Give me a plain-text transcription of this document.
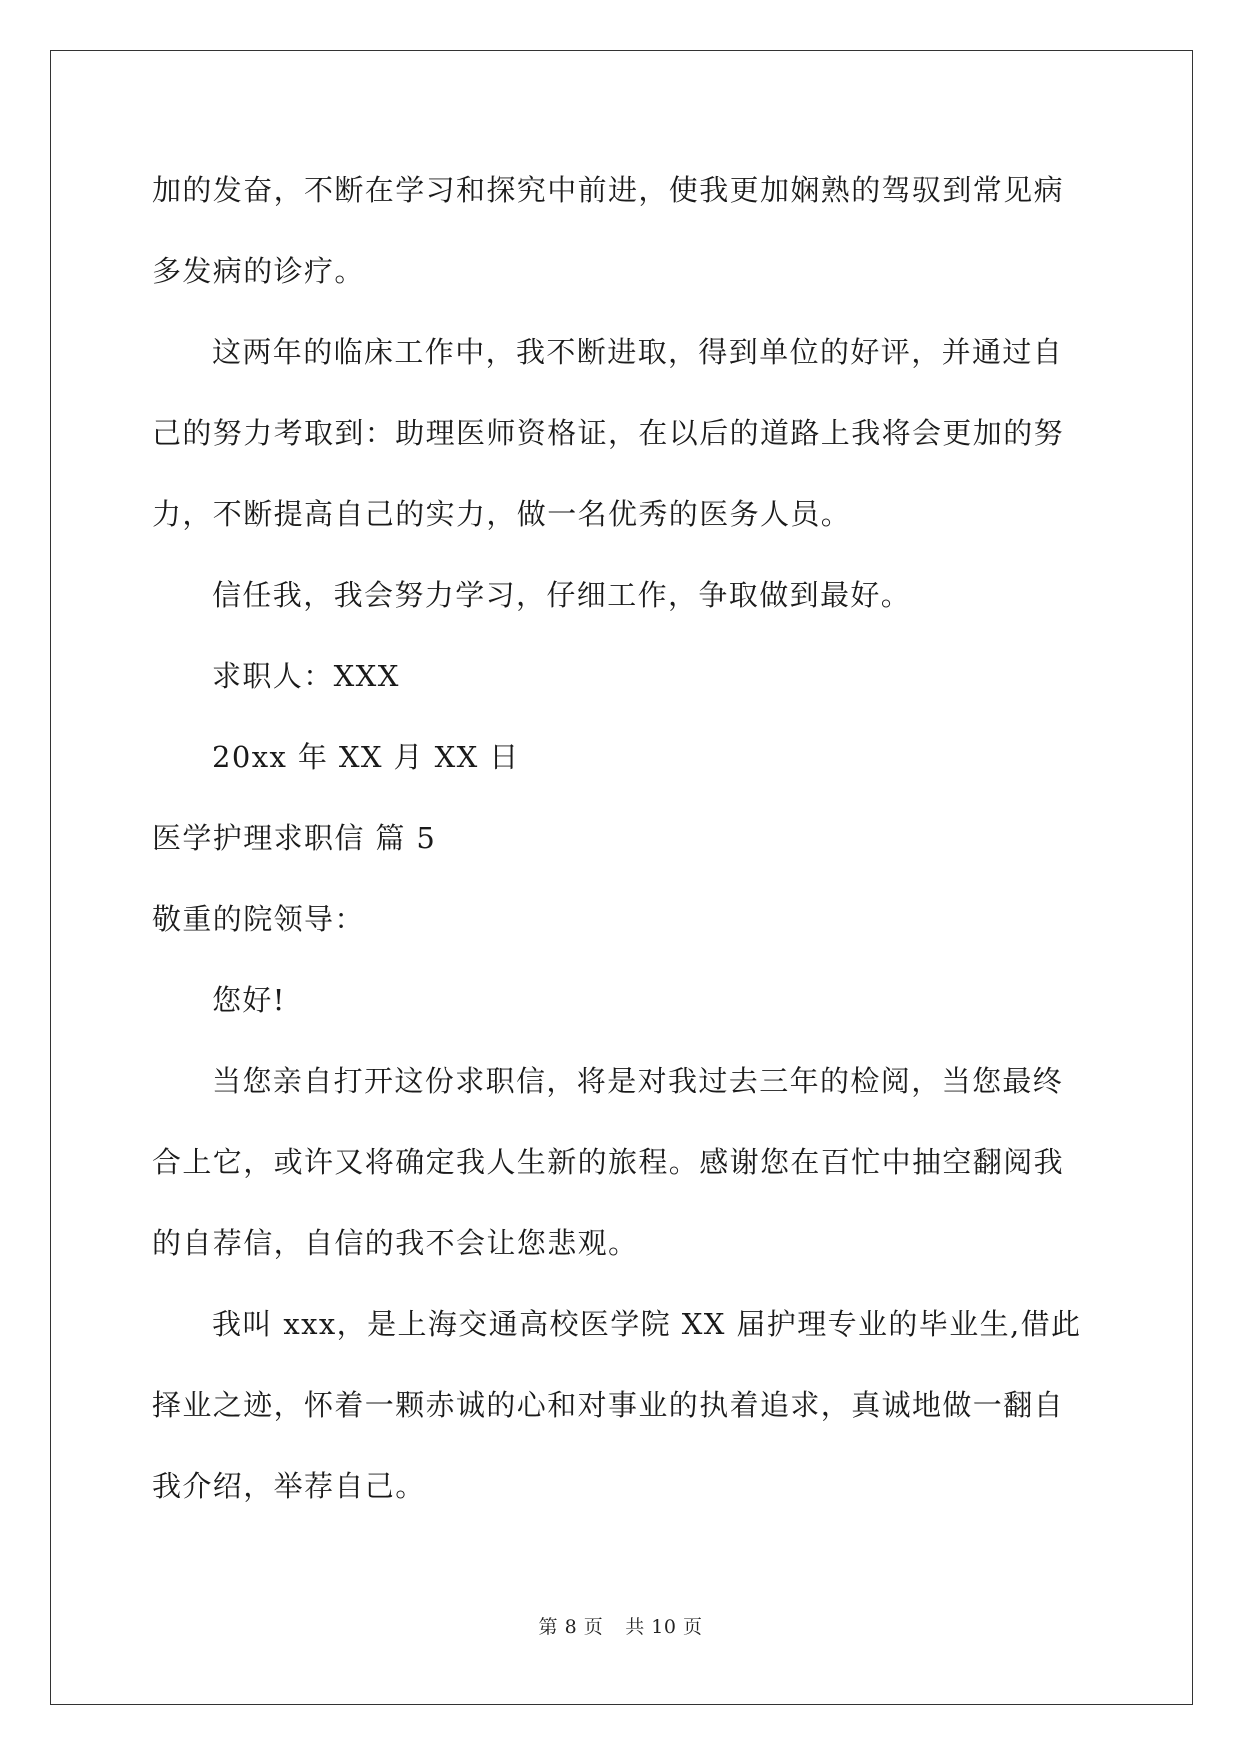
加的发奋，不断在学习和探究中前进，使我更加娴熟的驾驭到常见病
多发病的诊疗。
这两年的临床工作中，我不断进取，得到单位的好评，并通过自
己的努力考取到：助理医师资格证，在以后的道路上我将会更加的努
力，不断提高自己的实力，做一名优秀的医务人员。
信任我，我会努力学习，仔细工作，争取做到最好。
求职人：XXX
20xx 年 XX 月 XX 日
医学护理求职信 篇 5
敬重的院领导：
您好!
当您亲自打开这份求职信，将是对我过去三年的检阅，当您最终
合上它，或许又将确定我人生新的旅程。感谢您在百忙中抽空翻阅我
的自荐信，自信的我不会让您悲观。
我叫 xxx，是上海交通高校医学院 XX 届护理专业的毕业生,借此
择业之迹，怀着一颗赤诚的心和对事业的执着追求，真诚地做一翻自
我介绍，举荐自己。
第 8 页 共 10 页
